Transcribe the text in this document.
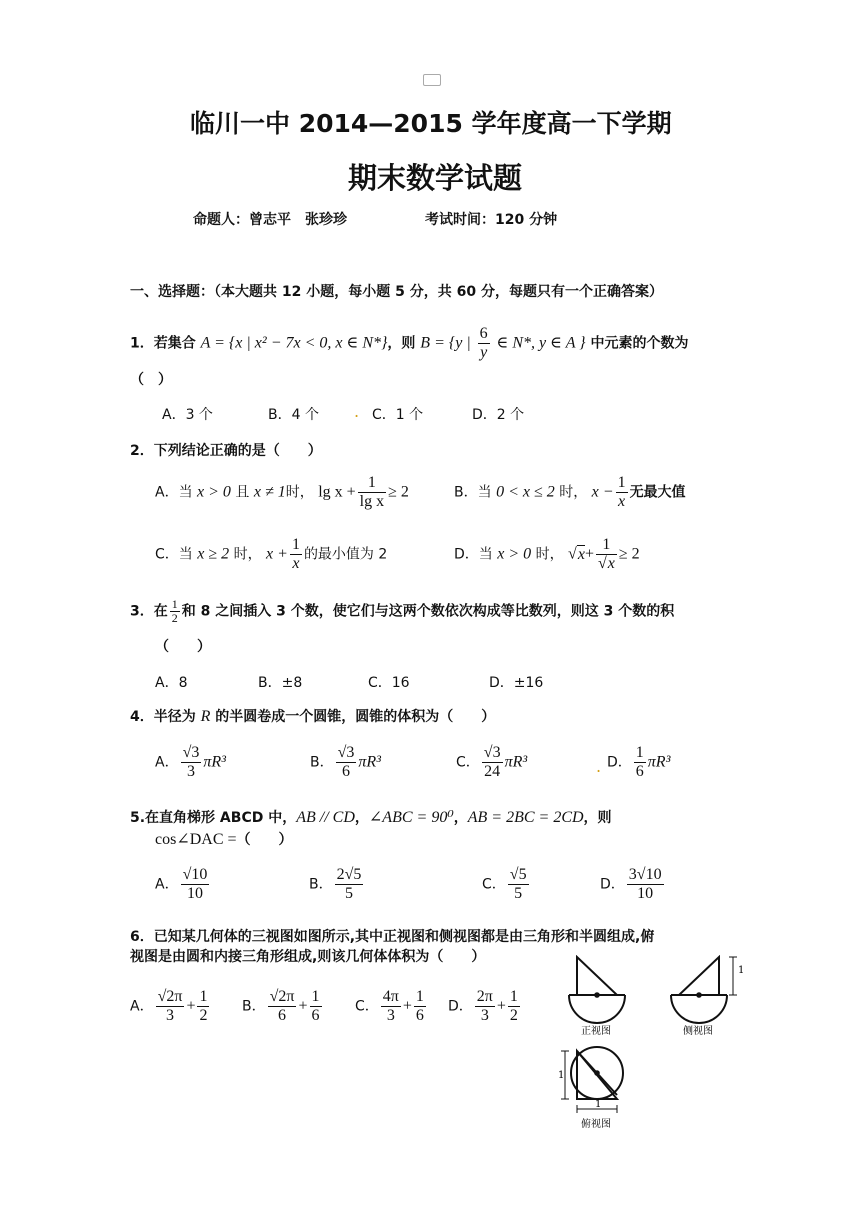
临川一中 2014—2015 学年度高一下学期
期末数学试题
命题人：曾志平　张珍珍	考试时间：120 分钟
一、选择题：（本大题共 12 小题，每小题 5 分，共 60 分，每题只有一个正确答案）
1．若集合 A = {x | x² − 7x < 0, x ∈ N*}，则 B = {y | $\frac{6}{y}$ ∈ N*, y ∈ A } 中元素的个数为
（　）
A．3 个	B．4 个 . C．1 个	D．2 个
2．下列结论正确的是（　　）
A．当 x > 0 且 x ≠ 1时， $\lg x + \frac{1}{\text{lg x}} \ge 2$	B．当 0 < x ≤ 2 时， $x - \frac{1}{x}$ 无最大值
C．当 x ≥ 2 时， $x + \frac{1}{x}$ 的最小值为 2	D．当 x > 0 时， $√x+ \frac{1}{√x} \ge 2$
3．在 $\frac{1}{2}$ 和 8 之间插入 3 个数，使它们与这两个数依次构成等比数列，则这 3 个数的积
（　　）
A．8	B．±8	C．16	D．±16
4．半径为 R 的半圆卷成一个圆锥，圆锥的体积为（　　）
A． $\frac{√3}{3} \pi R^3$	B． $\frac{√3}{6} \pi R^3$	C． $\frac{√3}{24} \pi R^3$	. D． $\frac{1}{6} \pi R^3$
5.在直角梯形 ABCD 中，AB // CD，∠ABC = 90⁰，AB = 2BC = 2CD，则
cos∠DAC =（　　）
A． $\frac{√10}{10}$	B． $\frac{2√5}{5}$	C． $\frac{√5}{5}$	D． $\frac{3√10}{10}$
6．已知某几何体的三视图如图所示,其中正视图和侧视图都是由三角形和半圆组成,俯
视图是由圆和内接三角形组成,则该几何体体积为（　　）
A． $\frac{√2\pi}{3} + \frac{1}{2}$ B． $\frac{√2\pi}{6} + \frac{1}{6}$ C． $\frac{4\pi}{3} + \frac{1}{6}$ D． $\frac{2\pi}{3} + \frac{1}{2}$
正视图
1
侧视图
1
1
俯视图
